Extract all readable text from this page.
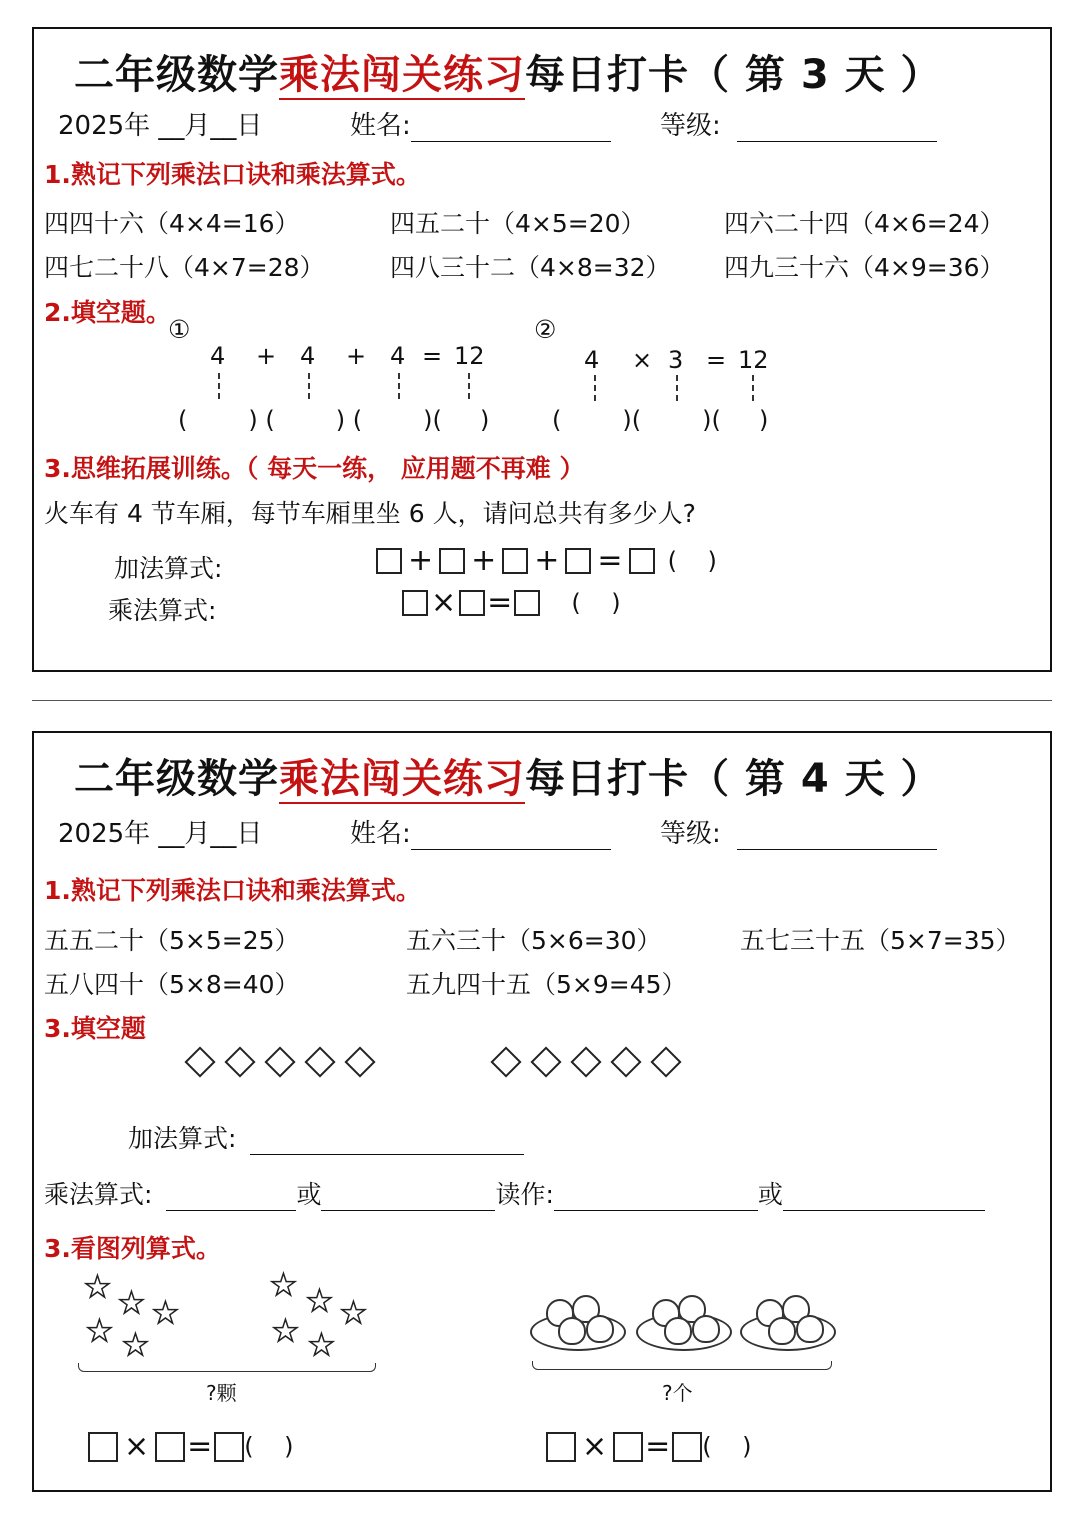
二年级数学乘法闯关练习每日打卡（ 第 3 天 ）
2025年 __月__日	姓名:	等级:
1.熟记下列乘法口诀和乘法算式。
四四十六（4×4=16）	四五二十（4×5=20）	四六二十四（4×6=24）
四七二十八（4×7=28）	四八三十二（4×8=32） 四九三十六（4×9=36）
2.填空题。
①	②
4 + 4 + 4 = 12	4 × 3 = 12
(        ) (        ) (        )(     )	(        )(        )(     )
3.思维拓展训练。（ 每天一练， 应用题不再难 ）
火车有 4 节车厢，每节车厢里坐 6 人，请问总共有多少人?
加法算式:	+ + + = (    )
乘法算式:	× = (    )
二年级数学乘法闯关练习每日打卡（ 第 4 天 ）
2025年 __月__日	姓名:	等级:
1.熟记下列乘法口诀和乘法算式。
五五二十（5×5=25）	五六三十（5×6=30）	五七三十五（5×7=35）
五八四十（5×8=40）	五九四十五（5×9=45）
3.填空题
加法算式:
乘法算式:	或	读作:	或
3.看图列算式。
★ ★ ★
★ ★
★ ★ ★
★ ★
?颗	?个
× = (    )	× = (    )
